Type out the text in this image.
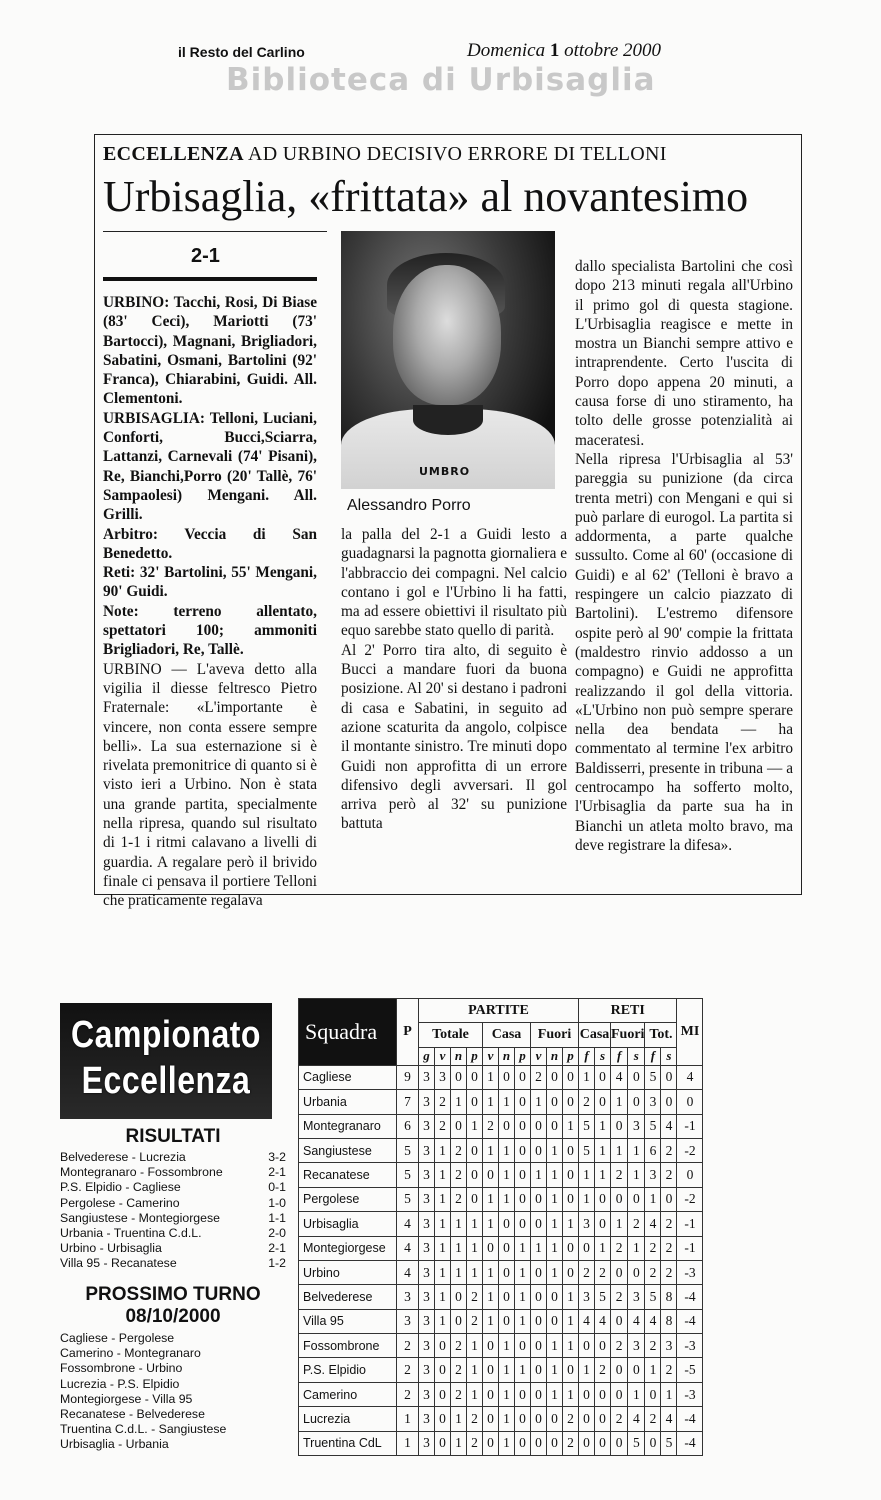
il Resto del Carlino	Domenica 1 ottobre 2000
Biblioteca di Urbisaglia
ECCELLENZA AD URBINO DECISIVO ERRORE DI TELLONI
Urbisaglia, «frittata» al novantesimo
2-1

URBINO: Tacchi, Rosi, Di Biase (83' Ceci), Mariotti (73' Bartocci), Magnani, Brigliadori, Sabatini, Osmani, Bartolini (92' Franca), Chiarabini, Guidi. All. Clementoni.

URBISAGLIA: Telloni, Luciani, Conforti, Bucci,Sciarra, Lattanzi, Carnevali (74' Pisani), Re, Bianchi,Porro (20' Tallè, 76' Sampaolesi) Mengani. All. Grilli.

Arbitro: Veccia di San Benedetto.

Reti: 32' Bartolini, 55' Mengani, 90' Guidi.

Note: terreno allentato, spettatori 100; ammoniti Brigliadori, Re, Tallè.

URBINO — L'aveva detto alla vigilia il diesse feltresco Pietro Fraternale: «L'importante è vincere, non conta essere sempre belli». La sua esternazione si è rivelata premonitrice di quanto si è visto ieri a Urbino. Non è stata una grande partita, specialmente nella ripresa, quando sul risultato di 1-1 i ritmi calavano a livelli di guardia. A regalare però il brivido finale ci pensava il portiere Telloni che praticamente regalava

UMBRO
Alessandro Porro

la palla del 2-1 a Guidi lesto a guadagnarsi la pagnotta giornaliera e l'abbraccio dei compagni. Nel calcio contano i gol e l'Urbino li ha fatti, ma ad essere obiettivi il risultato più equo sarebbe stato quello di parità.

Al 2' Porro tira alto, di seguito è Bucci a mandare fuori da buona posizione. Al 20' si destano i padroni di casa e Sabatini, in seguito ad azione scaturita da angolo, colpisce il montante sinistro. Tre minuti dopo Guidi non approfitta di un errore difensivo degli avversari. Il gol arriva però al 32' su punizione battuta

dallo specialista Bartolini che così dopo 213 minuti regala all'Urbino il primo gol di questa stagione. L'Urbisaglia reagisce e mette in mostra un Bianchi sempre attivo e intraprendente. Certo l'uscita di Porro dopo appena 20 minuti, a causa forse di uno stiramento, ha tolto delle grosse potenzialità ai maceratesi.

Nella ripresa l'Urbisaglia al 53' pareggia su punizione (da circa trenta metri) con Mengani e qui si può parlare di eurogol. La partita si addormenta, a parte qualche sussulto. Come al 60' (occasione di Guidi) e al 62' (Telloni è bravo a respingere un calcio piazzato di Bartolini). L'estremo difensore ospite però al 90' compie la frittata (maldestro rinvio addosso a un compagno) e Guidi ne approfitta realizzando il gol della vittoria. «L'Urbino non può sempre sperare nella dea bendata — ha commentato al termine l'ex arbitro Baldisserri, presente in tribuna — a centrocampo ha sofferto molto, l'Urbisaglia da parte sua ha in Bianchi un atleta molto bravo, ma deve registrare la difesa».

Campionato
Eccellenza
RISULTATI
Belvederese - Lucrezia	3-2
Montegranaro - Fossombrone	2-1
P.S. Elpidio - Cagliese	0-1
Pergolese - Camerino	1-0
Sangiustese - Montegiorgese	1-1
Urbania - Truentina C.d.L.	2-0
Urbino - Urbisaglia	2-1
Villa 95 - Recanatese	1-2
PROSSIMO TURNO
08/10/2000
Cagliese - Pergolese
Camerino - Montegranaro
Fossombrone - Urbino
Lucrezia - P.S. Elpidio
Montegiorgese - Villa 95
Recanatese - Belvederese
Truentina C.d.L. - Sangiustese
Urbisaglia - Urbania
Squadra	P	PARTITE										RETI						MI
		Totale				Casa			Fuori			Casa		Fuori		Tot.		
		g	v	n	p	v	n	p	v	n	p	f	s	f	s	f	s	
Cagliese	9	3	3	0	0	1	0	0	2	0	0	1	0	4	0	5	0	4
Urbania	7	3	2	1	0	1	1	0	1	0	0	2	0	1	0	3	0	0
Montegranaro	6	3	2	0	1	2	0	0	0	0	1	5	1	0	3	5	4	-1
Sangiustese	5	3	1	2	0	1	1	0	0	1	0	5	1	1	1	6	2	-2
Recanatese	5	3	1	2	0	0	1	0	1	1	0	1	1	2	1	3	2	0
Pergolese	5	3	1	2	0	1	1	0	0	1	0	1	0	0	0	1	0	-2
Urbisaglia	4	3	1	1	1	1	0	0	0	1	1	3	0	1	2	4	2	-1
Montegiorgese	4	3	1	1	1	0	0	1	1	1	0	0	1	2	1	2	2	-1
Urbino	4	3	1	1	1	1	0	1	0	1	0	2	2	0	0	2	2	-3
Belvederese	3	3	1	0	2	1	0	1	0	0	1	3	5	2	3	5	8	-4
Villa 95	3	3	1	0	2	1	0	1	0	0	1	4	4	0	4	4	8	-4
Fossombrone	2	3	0	2	1	0	1	0	0	1	1	0	0	2	3	2	3	-3
P.S. Elpidio	2	3	0	2	1	0	1	1	0	1	0	1	2	0	0	1	2	-5
Camerino	2	3	0	2	1	0	1	0	0	1	1	0	0	0	1	0	1	-3
Lucrezia	1	3	0	1	2	0	1	0	0	0	2	0	0	2	4	2	4	-4
Truentina CdL	1	3	0	1	2	0	1	0	0	0	2	0	0	0	5	0	5	-4
